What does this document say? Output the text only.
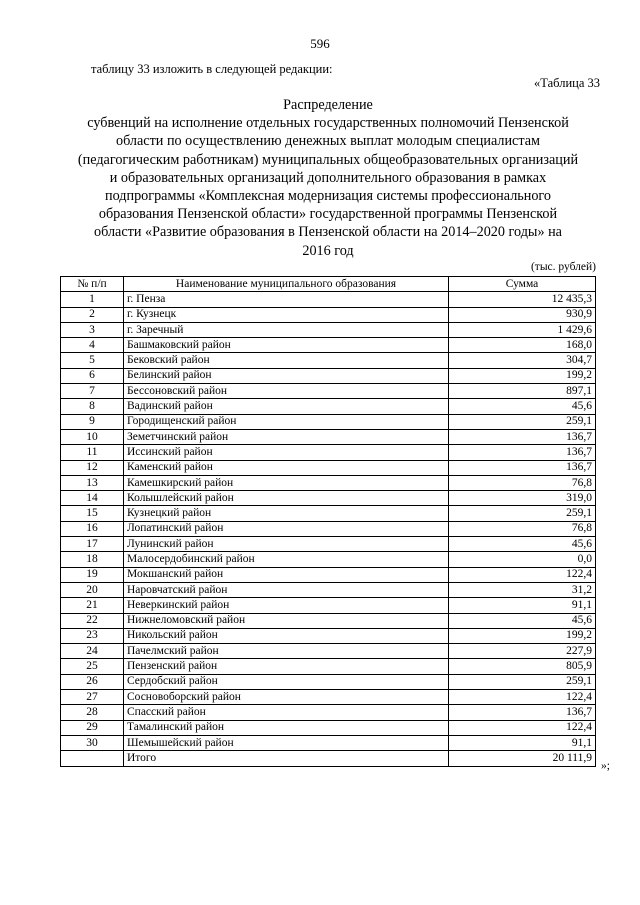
596
таблицу 33 изложить в следующей редакции:
«Таблица 33
Распределение
субвенций на исполнение отдельных государственных полномочий Пензенской
области по осуществлению денежных выплат молодым специалистам
(педагогическим работникам) муниципальных общеобразовательных организаций
и образовательных организаций дополнительного образования в рамках
подпрограммы «Комплексная модернизация системы профессионального
образования Пензенской области» государственной программы Пензенской
области «Развитие образования в Пензенской области на 2014–2020 годы» на
2016 год
(тыс. рублей)
№ п/п	Наименование муниципального образования	Сумма
1	г. Пенза	12 435,3
2	г. Кузнецк	930,9
3	г. Заречный	1 429,6
4	Башмаковский район	168,0
5	Бековский район	304,7
6	Белинский район	199,2
7	Бессоновский район	897,1
8	Вадинский район	45,6
9	Городищенский район	259,1
10	Земетчинский район	136,7
11	Иссинский район	136,7
12	Каменский район	136,7
13	Камешкирский район	76,8
14	Колышлейский район	319,0
15	Кузнецкий район	259,1
16	Лопатинский район	76,8
17	Лунинский район	45,6
18	Малосердобинский район	0,0
19	Мокшанский район	122,4
20	Наровчатский район	31,2
21	Неверкинский район	91,1
22	Нижнеломовский район	45,6
23	Никольский район	199,2
24	Пачелмский район	227,9
25	Пензенский район	805,9
26	Сердобский район	259,1
27	Сосновоборский район	122,4
28	Спасский район	136,7
29	Тамалинский район	122,4
30	Шемышейский район	91,1
	Итого	20 111,9
»;
